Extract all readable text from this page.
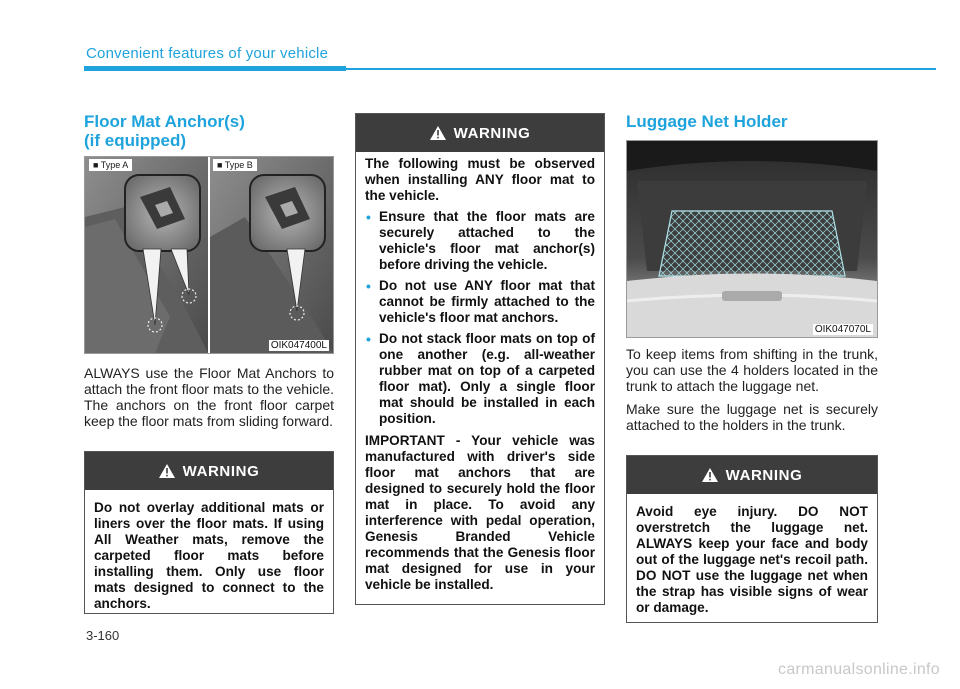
Convenient features of your vehicle
Floor Mat Anchor(s)
(if equipped)
■ Type A	■ Type B
OIK047400L

ALWAYS use the Floor Mat Anchors to attach the front floor mats to the vehicle. The anchors on the front floor carpet keep the floor mats from sliding forward.

WARNING

Do not overlay additional mats or liners over the floor mats. If using All Weather mats, remove the carpeted floor mats before installing them. Only use floor mats designed to connect to the anchors.

WARNING

The following must be observed when installing ANY floor mat to the vehicle.

• Ensure that the floor mats are securely attached to the vehicle's floor mat anchor(s) before driving the vehicle.
• Do not use ANY floor mat that cannot be firmly attached to the vehicle's floor mat anchors.
• Do not stack floor mats on top of one another (e.g. all-weather rubber mat on top of a carpeted floor mat). Only a single floor mat should be installed in each position.

IMPORTANT - Your vehicle was manufactured with driver's side floor mat anchors that are designed to securely hold the floor mat in place. To avoid any interference with pedal operation, Genesis Branded Vehicle recommends that the Genesis floor mat designed for use in your vehicle be installed.

Luggage Net Holder
OIK047070L

To keep items from shifting in the trunk, you can use the 4 holders located in the trunk to attach the luggage net.

Make sure the luggage net is securely attached to the holders in the trunk.

WARNING

Avoid eye injury. DO NOT overstretch the luggage net. ALWAYS keep your face and body out of the luggage net's recoil path. DO NOT use the luggage net when the strap has visible signs of wear or damage.

3-160
carmanualsonline.info
